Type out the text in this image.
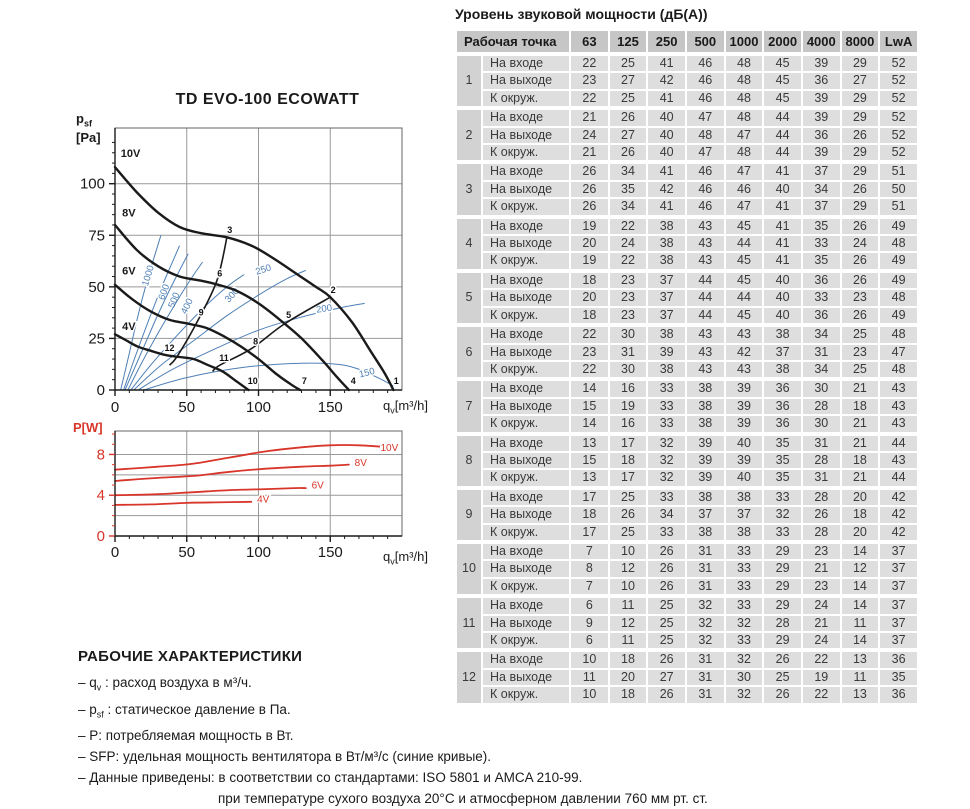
TD EVO-100 ECOWATT
$p_{sf}$
[Pa]
1000
600
500
400
300
250
200
150
10V
8V
6V
4V
1
2
3
4
5
6
7
8
9
10
11
12
0
25
50
75
100
0	50	100	150	$q_v[m^3/h]$
P[W]
10V
8V
6V
4V
0
4
8
0	50	100	150	$q_v[m^3/h]$
Уровень звуковой мощности (дБ(А))
Рабочая точка		63	125	250	500	1000	2000	4000	8000	LwA
1	На входе	22	25	41	46	48	45	39	29	52
	На выходе	23	27	42	46	48	45	36	27	52
	К окруж.	22	25	41	46	48	45	39	29	52
2	На входе	21	26	40	47	48	44	39	29	52
	На выходе	24	27	40	48	47	44	36	26	52
	К окруж.	21	26	40	47	48	44	39	29	52
3	На входе	26	34	41	46	47	41	37	29	51
	На выходе	26	35	42	46	46	40	34	26	50
	К окруж.	26	34	41	46	47	41	37	29	51
4	На входе	19	22	38	43	45	41	35	26	49
	На выходе	20	24	38	43	44	41	33	24	48
	К окруж.	19	22	38	43	45	41	35	26	49
5	На входе	18	23	37	44	45	40	36	26	49
	На выходе	20	23	37	44	44	40	33	23	48
	К окруж.	18	23	37	44	45	40	36	26	49
6	На входе	22	30	38	43	43	38	34	25	48
	На выходе	23	31	39	43	42	37	31	23	47
	К окруж.	22	30	38	43	43	38	34	25	48
7	На входе	14	16	33	38	39	36	30	21	43
	На выходе	15	19	33	38	39	36	28	18	43
	К окруж.	14	16	33	38	39	36	30	21	43
8	На входе	13	17	32	39	40	35	31	21	44
	На выходе	15	18	32	39	39	35	28	18	43
	К окруж.	13	17	32	39	40	35	31	21	44
9	На входе	17	25	33	38	38	33	28	20	42
	На выходе	18	26	34	37	37	32	26	18	42
	К окруж.	17	25	33	38	38	33	28	20	42
10	На входе	7	10	26	31	33	29	23	14	37
	На выходе	8	12	26	31	33	29	21	12	37
	К окруж.	7	10	26	31	33	29	23	14	37
11	На входе	6	11	25	32	33	29	24	14	37
	На выходе	9	12	25	32	32	28	21	11	37
	К окруж.	6	11	25	32	33	29	24	14	37
12	На входе	10	18	26	31	32	26	22	13	36
	На выходе	11	20	27	31	30	25	19	11	35
	К окруж.	10	18	26	31	32	26	22	13	36
РАБОЧИЕ ХАРАКТЕРИСТИКИ
– $q_v$ : расход воздуха в м³/ч.
– $p_{sf}$ : статическое давление в Па.
– P: потребляемая мощность в Вт.
– SFP: удельная мощность вентилятора в Вт/м³/с (синие кривые).
– Данные приведены: в соответствии со стандартами: ISO 5801 и AMCA 210-99.
при температуре сухого воздуха 20°C и атмосферном давлении 760 мм рт. ст.
